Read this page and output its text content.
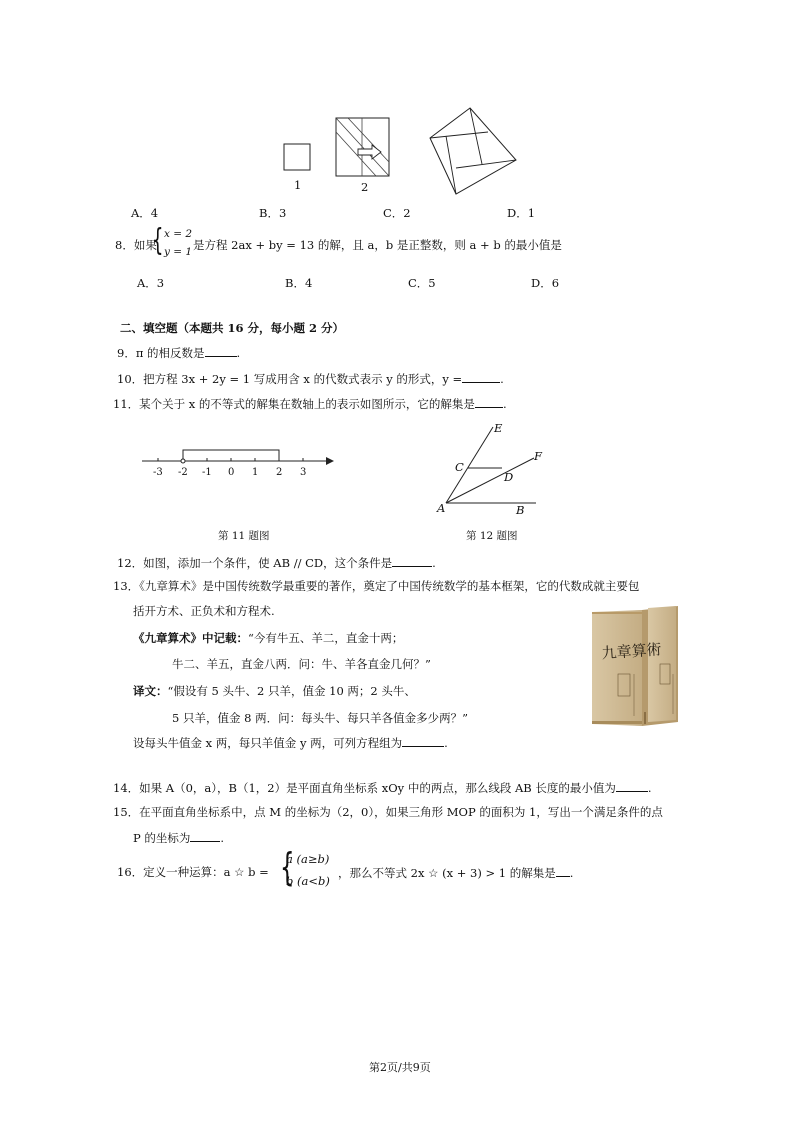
1	2
A．4	B．3	C．2	D．1
8．如果
{ x = 2
y = 1 是方程 2ax + by = 13 的解，且 a，b 是正整数，则 a + b 的最小值是
A．3	B．4	C．5	D．6
二、填空题（本题共 16 分，每小题 2 分）
9．π 的相反数是	.
10．把方程 3x + 2y = 1 写成用含 x 的代数式表示 y 的形式，y =	.
11．某个关于 x 的不等式的解集在数轴上的表示如图所示，它的解集是 .
-3 -2 -1 0 1 2 3
第 11 题图
E
F
C
D
A	B
第 12 题图
12．如图，添加一个条件，使 AB // CD，这个条件是	.
13．《九章算术》是中国传统数学最重要的著作，奠定了中国传统数学的基本框架，它的代数成就主要包
括开方术、正负术和方程术.
《九章算术》中记载：“今有牛五、羊二，直金十两；
牛二、羊五，直金八两．问：牛、羊各直金几何？”
译文：“假设有 5 头牛、2 只羊，值金 10 两；2 头牛、
5 只羊，值金 8 两．问：每头牛、每只羊各值金多少两？”
设每头牛值金 x 两，每只羊值金 y 两，可列方程组为	.
九章算術
14．如果 A（0，a），B（1，2）是平面直角坐标系 xOy 中的两点，那么线段 AB 长度的最小值为	.
15．在平面直角坐标系中，点 M 的坐标为（2，0），如果三角形 MOP 的面积为 1，写出一个满足条件的点
P 的坐标为	.
16．定义一种运算：a ☆ b = {
a (a≥b)
b (a<b)
，那么不等式 2x ☆ (x + 3) > 1 的解集是 .
第2页/共9页
